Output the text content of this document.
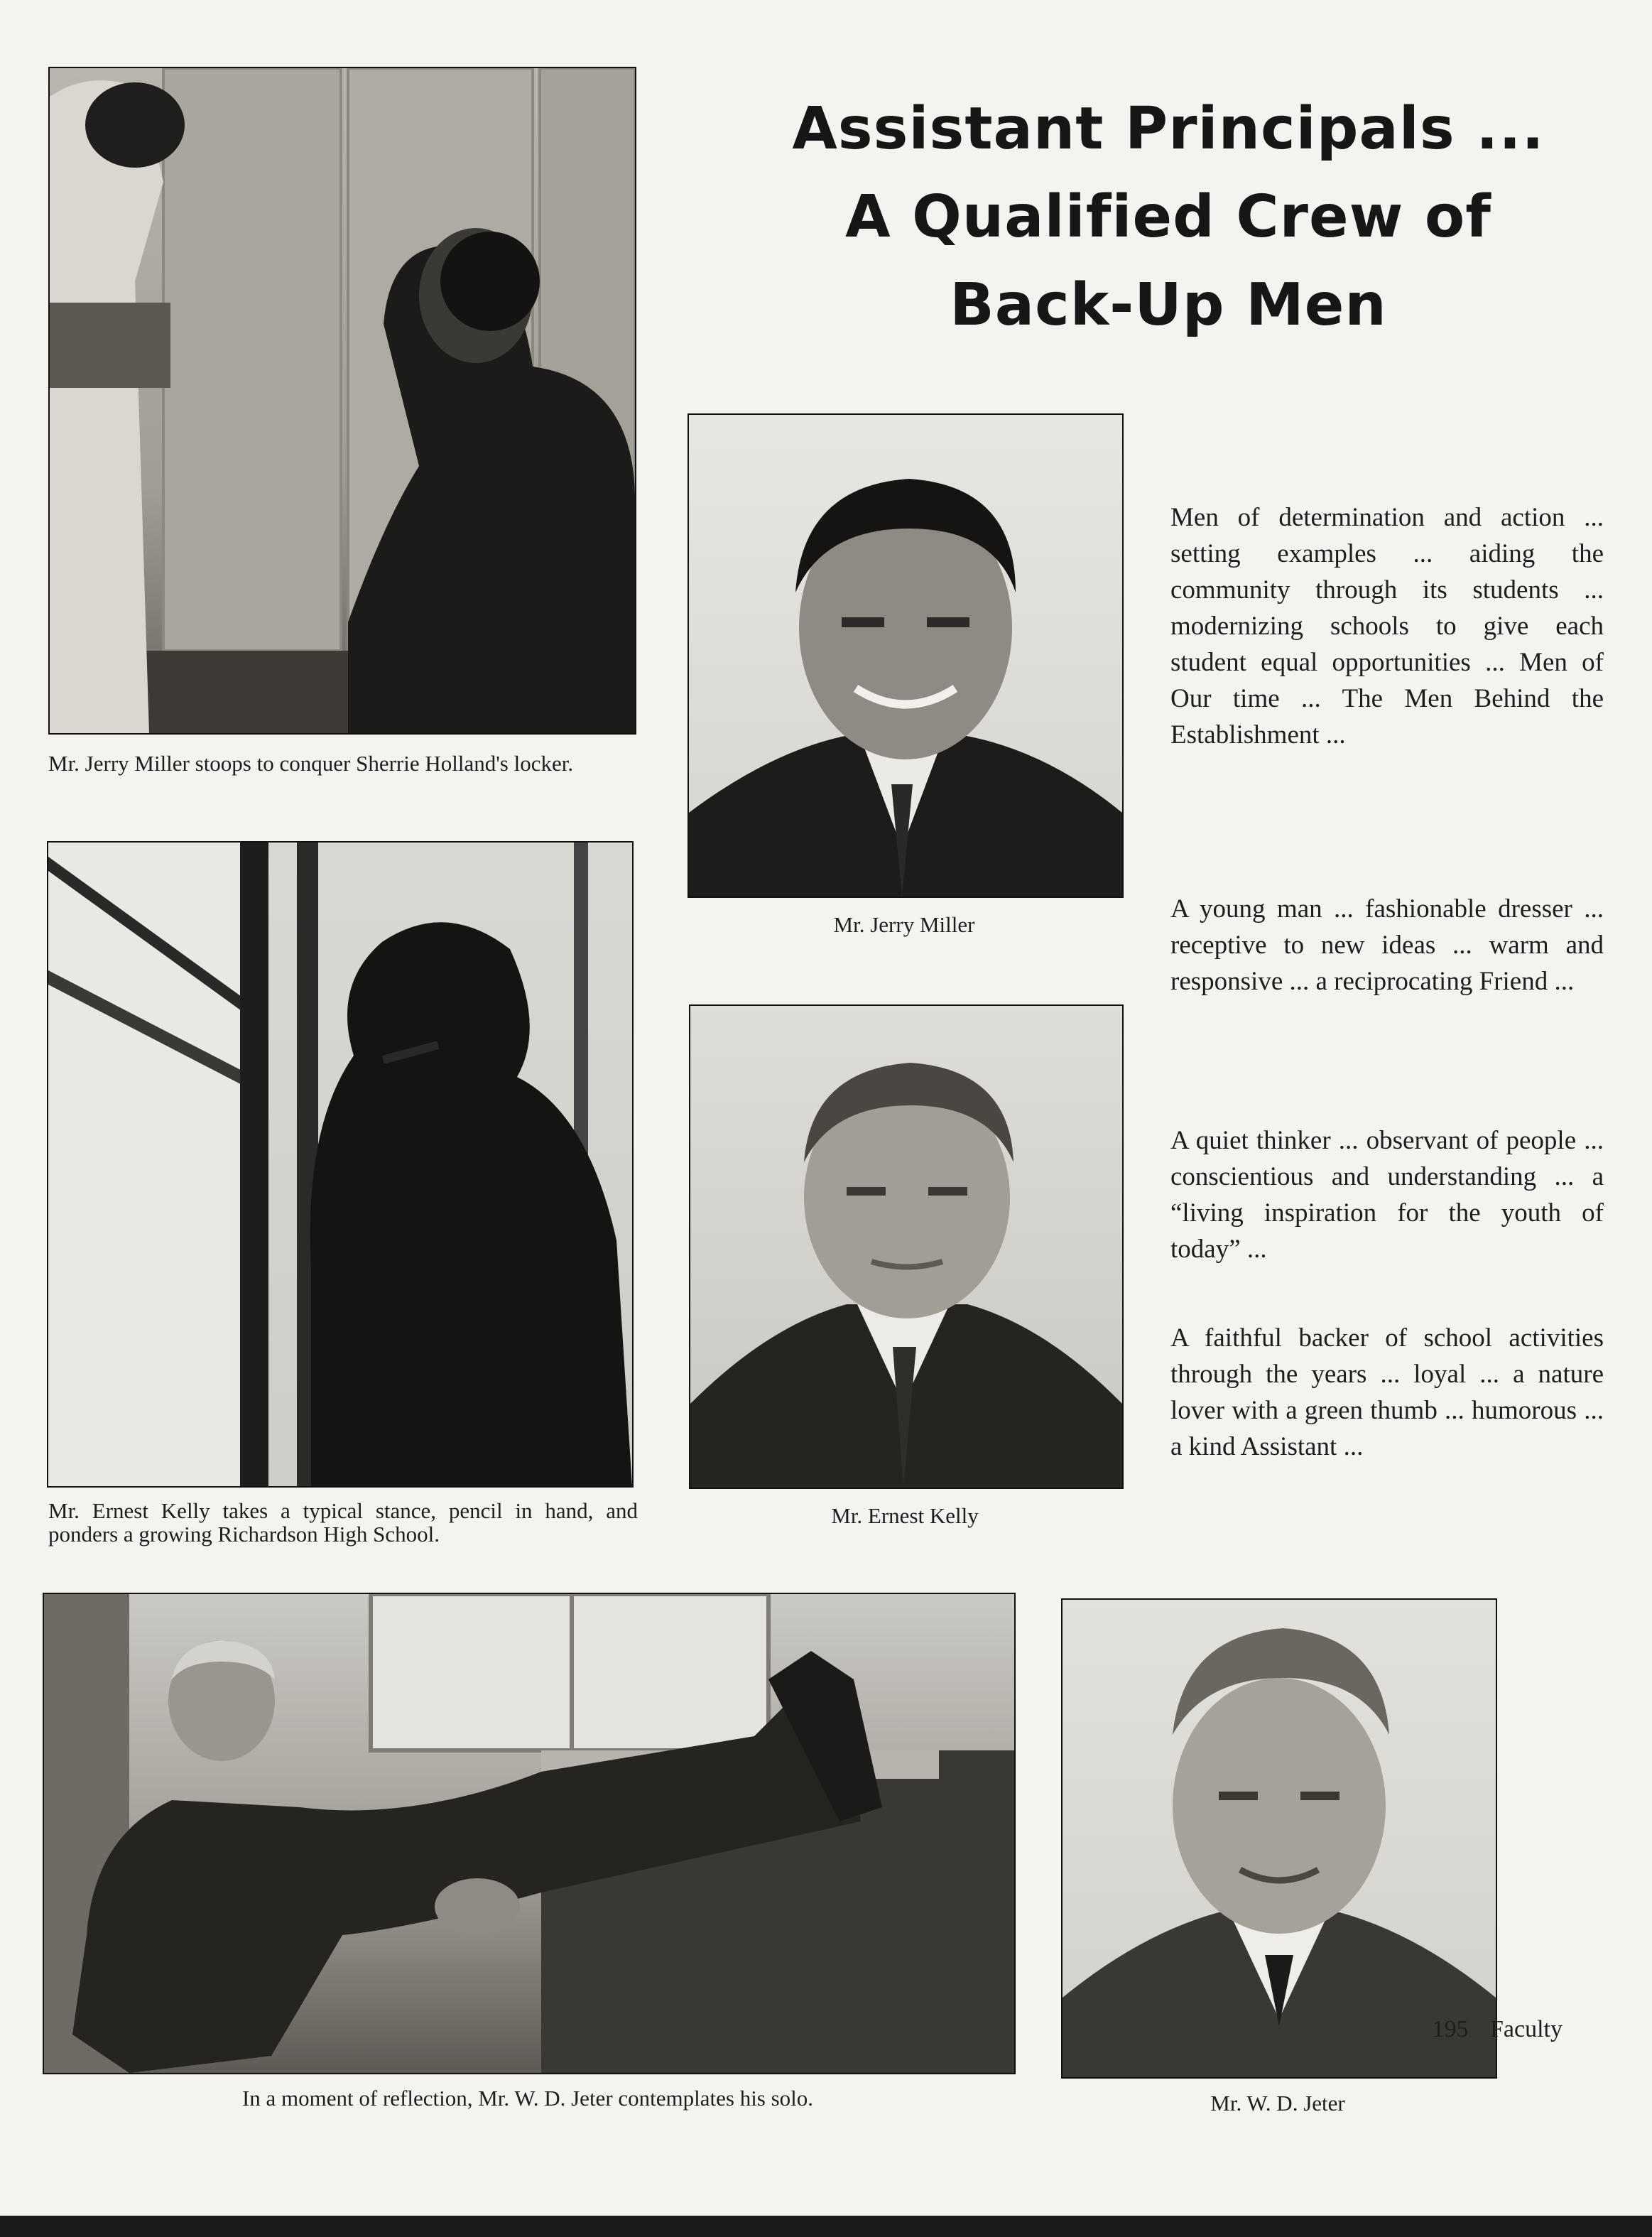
Assistant Principals ...
A Qualified Crew of
Back-Up Men

Mr. Jerry Miller stoops to conquer Sherrie Holland's locker.

Mr. Jerry Miller

Men of determination and action ... setting examples ... aiding the community through its students ... modernizing schools to give each student equal opportunities ... Men of Our time ... The Men Behind the Establishment ...

A young man ... fashionable dresser ... receptive to new ideas ... warm and responsive ... a reciprocating Friend ...

Mr. Ernest Kelly takes a typical stance, pencil in hand, and ponders a growing Richardson High School.

Mr. Ernest Kelly

A quiet thinker ... observant of people ... conscientious and understanding ... a “living inspiration for the youth of today” ...

A faithful backer of school activities through the years ... loyal ... a nature lover with a green thumb ... humorous ... a kind Assistant ...

In a moment of reflection, Mr. W. D. Jeter contemplates his solo.	Mr. W. D. Jeter

195 Faculty
